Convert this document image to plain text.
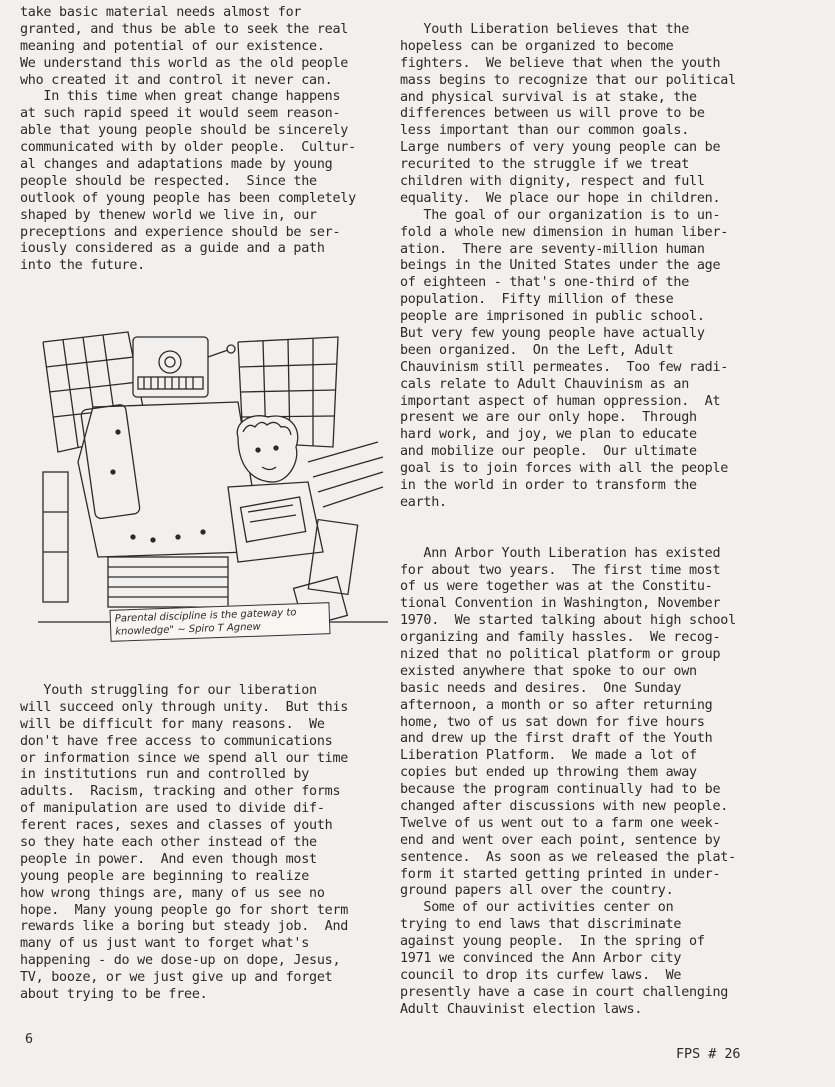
take basic material needs almost for
granted, and thus be able to seek the real
meaning and potential of our existence.
We understand this world as the old people
who created it and control it never can.
In this time when great change happens
at such rapid speed it would seem reason-
able that young people should be sincerely
communicated with by older people.  Cultur-
al changes and adaptations made by young
people should be respected.  Since the
outlook of young people has been completely
shaped by thenew world we live in, our
preceptions and experience should be ser-
iously considered as a guide and a path
into the future.
Parental discipline is the gateway to knowledge" ~ Spiro T Agnew
Youth struggling for our liberation
will succeed only through unity.  But this
will be difficult for many reasons.  We
don't have free access to communications
or information since we spend all our time
in institutions run and controlled by
adults.  Racism, tracking and other forms
of manipulation are used to divide dif-
ferent races, sexes and classes of youth
so they hate each other instead of the
people in power.  And even though most
young people are beginning to realize
how wrong things are, many of us see no
hope.  Many young people go for short term
rewards like a boring but steady job.  And
many of us just want to forget what's
happening - do we dose-up on dope, Jesus,
TV, booze, or we just give up and forget
about trying to be free.
Youth Liberation believes that the
hopeless can be organized to become
fighters.  We believe that when the youth
mass begins to recognize that our political
and physical survival is at stake, the
differences between us will prove to be
less important than our common goals.
Large numbers of very young people can be
recurited to the struggle if we treat
children with dignity, respect and full
equality.  We place our hope in children.
The goal of our organization is to un-
fold a whole new dimension in human liber-
ation.  There are seventy-million human
beings in the United States under the age
of eighteen - that's one-third of the
population.  Fifty million of these
people are imprisoned in public school.
But very few young people have actually
been organized.  On the Left, Adult
Chauvinism still permeates.  Too few radi-
cals relate to Adult Chauvinism as an
important aspect of human oppression.  At
present we are our only hope.  Through
hard work, and joy, we plan to educate
and mobilize our people.  Our ultimate
goal is to join forces with all the people
in the world in order to transform the
earth.

Ann Arbor Youth Liberation has existed
for about two years.  The first time most
of us were together was at the Constitu-
tional Convention in Washington, November
1970.  We started talking about high school
organizing and family hassles.  We recog-
nized that no political platform or group
existed anywhere that spoke to our own
basic needs and desires.  One Sunday
afternoon, a month or so after returning
home, two of us sat down for five hours
and drew up the first draft of the Youth
Liberation Platform.  We made a lot of
copies but ended up throwing them away
because the program continually had to be
changed after discussions with new people.
Twelve of us went out to a farm one week-
end and went over each point, sentence by
sentence.  As soon as we released the plat-
form it started getting printed in under-
ground papers all over the country.
Some of our activities center on
trying to end laws that discriminate
against young people.  In the spring of
1971 we convinced the Ann Arbor city
council to drop its curfew laws.  We
presently have a case in court challenging
Adult Chauvinist election laws.
6
FPS # 26
